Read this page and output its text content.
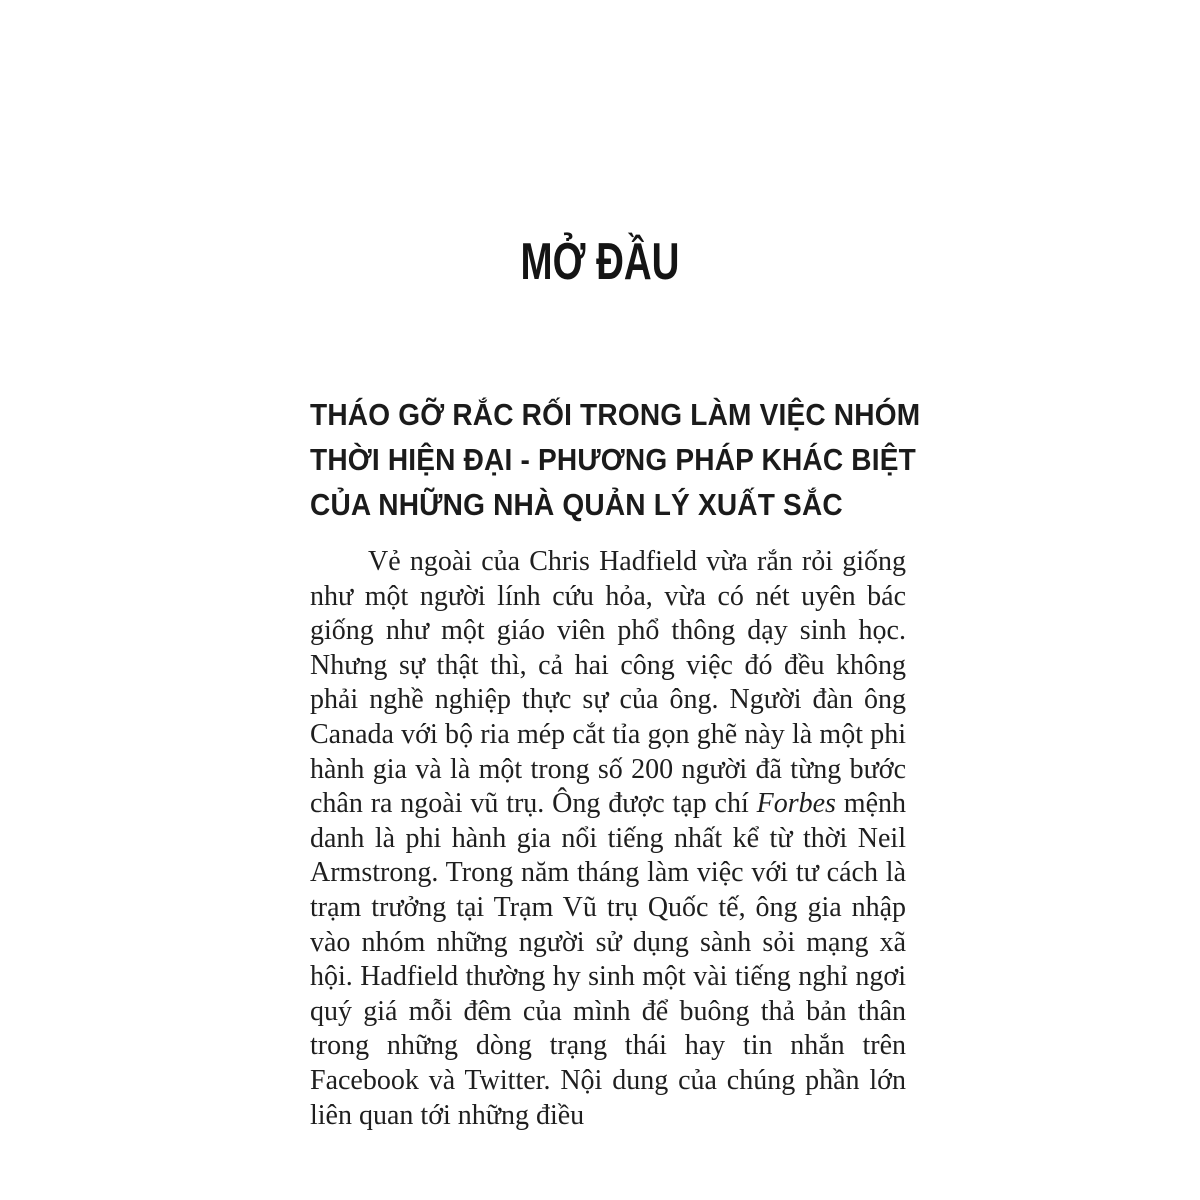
MỞ ĐẦU
THÁO GỠ RẮC RỐI TRONG LÀM VIỆC NHÓM
THỜI HIỆN ĐẠI - PHƯƠNG PHÁP KHÁC BIỆT
CỦA NHỮNG NHÀ QUẢN LÝ XUẤT SẮC

Vẻ ngoài của Chris Hadfield vừa rắn rỏi giống như một người lính cứu hỏa, vừa có nét uyên bác giống như một giáo viên phổ thông dạy sinh học. Nhưng sự thật thì, cả hai công việc đó đều không phải nghề nghiệp thực sự của ông. Người đàn ông Canada với bộ ria mép cắt tỉa gọn ghẽ này là một phi hành gia và là một trong số 200 người đã từng bước chân ra ngoài vũ trụ. Ông được tạp chí Forbes mệnh danh là phi hành gia nổi tiếng nhất kể từ thời Neil Armstrong. Trong năm tháng làm việc với tư cách là trạm trưởng tại Trạm Vũ trụ Quốc tế, ông gia nhập vào nhóm những người sử dụng sành sỏi mạng xã hội. Hadfield thường hy sinh một vài tiếng nghỉ ngơi quý giá mỗi đêm của mình để buông thả bản thân trong những dòng trạng thái hay tin nhắn trên Facebook và Twitter. Nội dung của chúng phần lớn liên quan tới những điều
